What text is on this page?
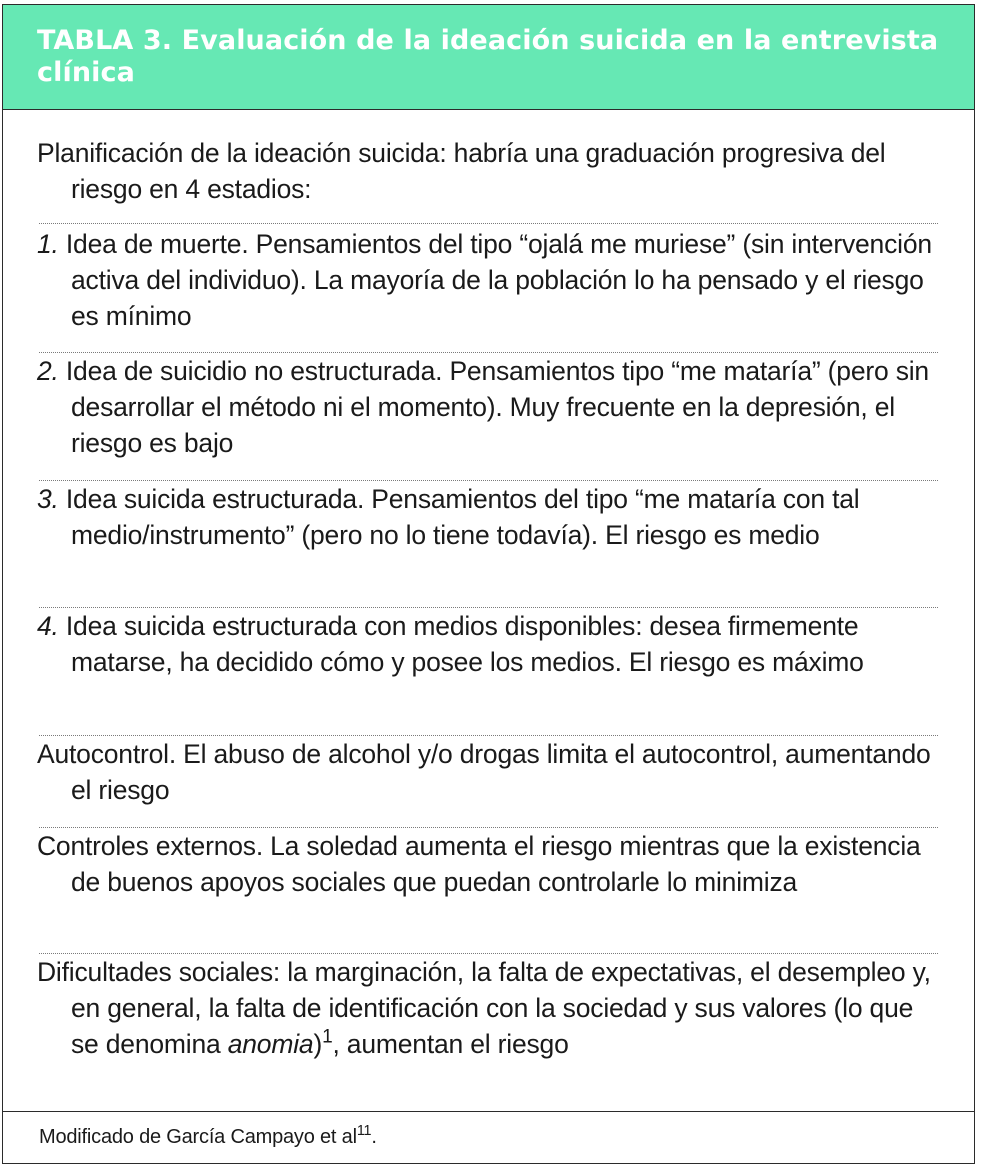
TABLA 3. Evaluación de la ideación suicida en la entrevista
clínica
Planificación de la ideación suicida: habría una graduación progresiva del riesgo en 4 estadios:
1. Idea de muerte. Pensamientos del tipo “ojalá me muriese” (sin intervención activa del individuo). La mayoría de la población lo ha pensado y el riesgo es mínimo
2. Idea de suicidio no estructurada. Pensamientos tipo “me mataría” (pero sin desarrollar el método ni el momento). Muy frecuente en la depresión, el riesgo es bajo
3. Idea suicida estructurada. Pensamientos del tipo “me mataría con tal medio/instrumento” (pero no lo tiene todavía). El riesgo es medio
4. Idea suicida estructurada con medios disponibles: desea firmemente matarse, ha decidido cómo y posee los medios. El riesgo es máximo
Autocontrol. El abuso de alcohol y/o drogas limita el autocontrol, aumentando el riesgo
Controles externos. La soledad aumenta el riesgo mientras que la existencia de buenos apoyos sociales que puedan controlarle lo minimiza
Dificultades sociales: la marginación, la falta de expectativas, el desempleo y, en general, la falta de identificación con la sociedad y sus valores (lo que se denomina anomia)$^1$, aumentan el riesgo
Modificado de García Campayo et $al^{11}$.
